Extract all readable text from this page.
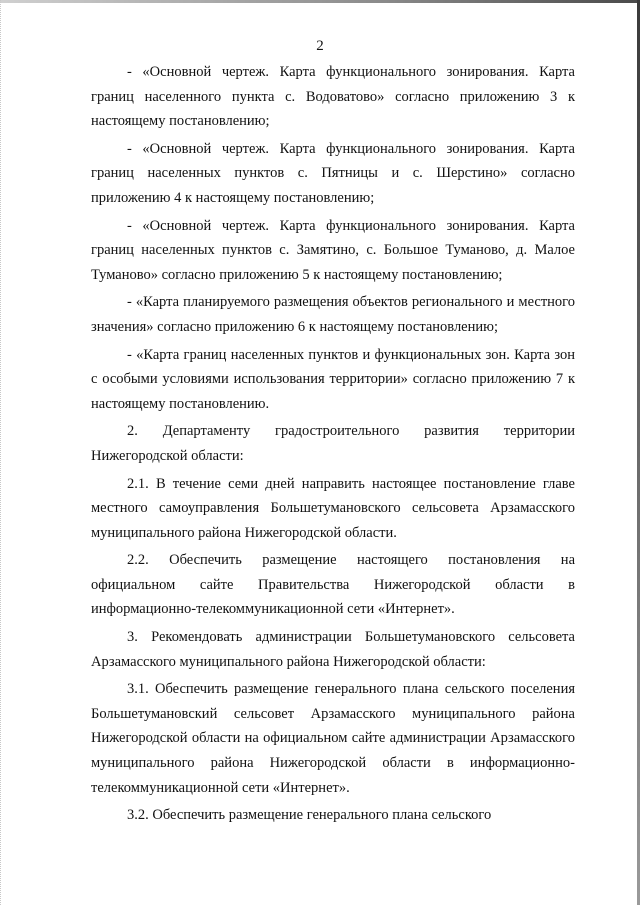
2

- «Основной чертеж. Карта функционального зонирования. Карта границ населенного пункта с. Водоватово» согласно приложению 3 к настоящему постановлению;

- «Основной чертеж. Карта функционального зонирования. Карта границ населенных пунктов с. Пятницы и с. Шерстино» согласно приложению 4 к настоящему постановлению;

- «Основной чертеж. Карта функционального зонирования. Карта границ населенных пунктов с. Замятино, с. Большое Туманово, д. Малое Туманово» согласно приложению 5 к настоящему постановлению;

- «Карта планируемого размещения объектов регионального и местного значения» согласно приложению 6 к настоящему постановлению;

- «Карта границ населенных пунктов и функциональных зон. Карта зон с особыми условиями использования территории» согласно приложению 7 к настоящему постановлению.

2. Департаменту градостроительного развития территории Нижегородской области:

2.1. В течение семи дней направить настоящее постановление главе местного самоуправления Большетумановского сельсовета Арзамасского муниципального района Нижегородской области.

2.2. Обеспечить размещение настоящего постановления на официальном сайте Правительства Нижегородской области в информационно-телекоммуникационной сети «Интернет».

3. Рекомендовать администрации Большетумановского сельсовета Арзамасского муниципального района Нижегородской области:

3.1. Обеспечить размещение генерального плана сельского поселения Большетумановский сельсовет Арзамасского муниципального района Нижегородской области на официальном сайте администрации Арзамасского муниципального района Нижегородской области в информационно-телекоммуникационной сети «Интернет».

3.2. Обеспечить размещение генерального плана сельского
